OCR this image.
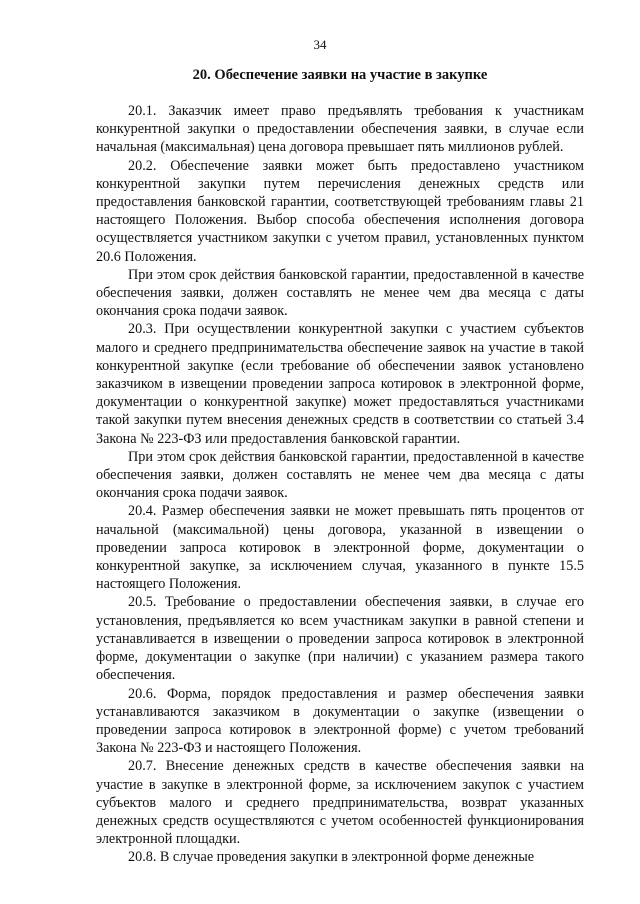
34
20. Обеспечение заявки на участие в закупке

20.1. Заказчик имеет право предъявлять требования к участникам конкурентной закупки о предоставлении обеспечения заявки, в случае если начальная (максимальная) цена договора превышает пять миллионов рублей.

20.2. Обеспечение заявки может быть предоставлено участником конкурентной закупки путем перечисления денежных средств или предоставления банковской гарантии, соответствующей требованиям главы 21 настоящего Положения. Выбор способа обеспечения исполнения договора осуществляется участником закупки с учетом правил, установленных пунктом 20.6 Положения.

При этом срок действия банковской гарантии, предоставленной в качестве обеспечения заявки, должен составлять не менее чем два месяца с даты окончания срока подачи заявок.

20.3. При осуществлении конкурентной закупки с участием субъектов малого и среднего предпринимательства обеспечение заявок на участие в такой конкурентной закупке (если требование об обеспечении заявок установлено заказчиком в извещении проведении запроса котировок в электронной форме, документации о конкурентной закупке) может предоставляться участниками такой закупки путем внесения денежных средств в соответствии со статьей 3.4 Закона № 223-ФЗ или предоставления банковской гарантии.

При этом срок действия банковской гарантии, предоставленной в качестве обеспечения заявки, должен составлять не менее чем два месяца с даты окончания срока подачи заявок.

20.4. Размер обеспечения заявки не может превышать пять процентов от начальной (максимальной) цены договора, указанной в извещении о проведении запроса котировок в электронной форме, документации о конкурентной закупке, за исключением случая, указанного в пункте 15.5 настоящего Положения.

20.5. Требование о предоставлении обеспечения заявки, в случае его установления, предъявляется ко всем участникам закупки в равной степени и устанавливается в извещении о проведении запроса котировок в электронной форме, документации о закупке (при наличии) с указанием размера такого обеспечения.

20.6. Форма, порядок предоставления и размер обеспечения заявки устанавливаются заказчиком в документации о закупке (извещении о проведении запроса котировок в электронной форме) с учетом требований Закона № 223-ФЗ и настоящего Положения.

20.7. Внесение денежных средств в качестве обеспечения заявки на участие в закупке в электронной форме, за исключением закупок с участием субъектов малого и среднего предпринимательства, возврат указанных денежных средств осуществляются с учетом особенностей функционирования электронной площадки.

20.8. В случае проведения закупки в электронной форме денежные
